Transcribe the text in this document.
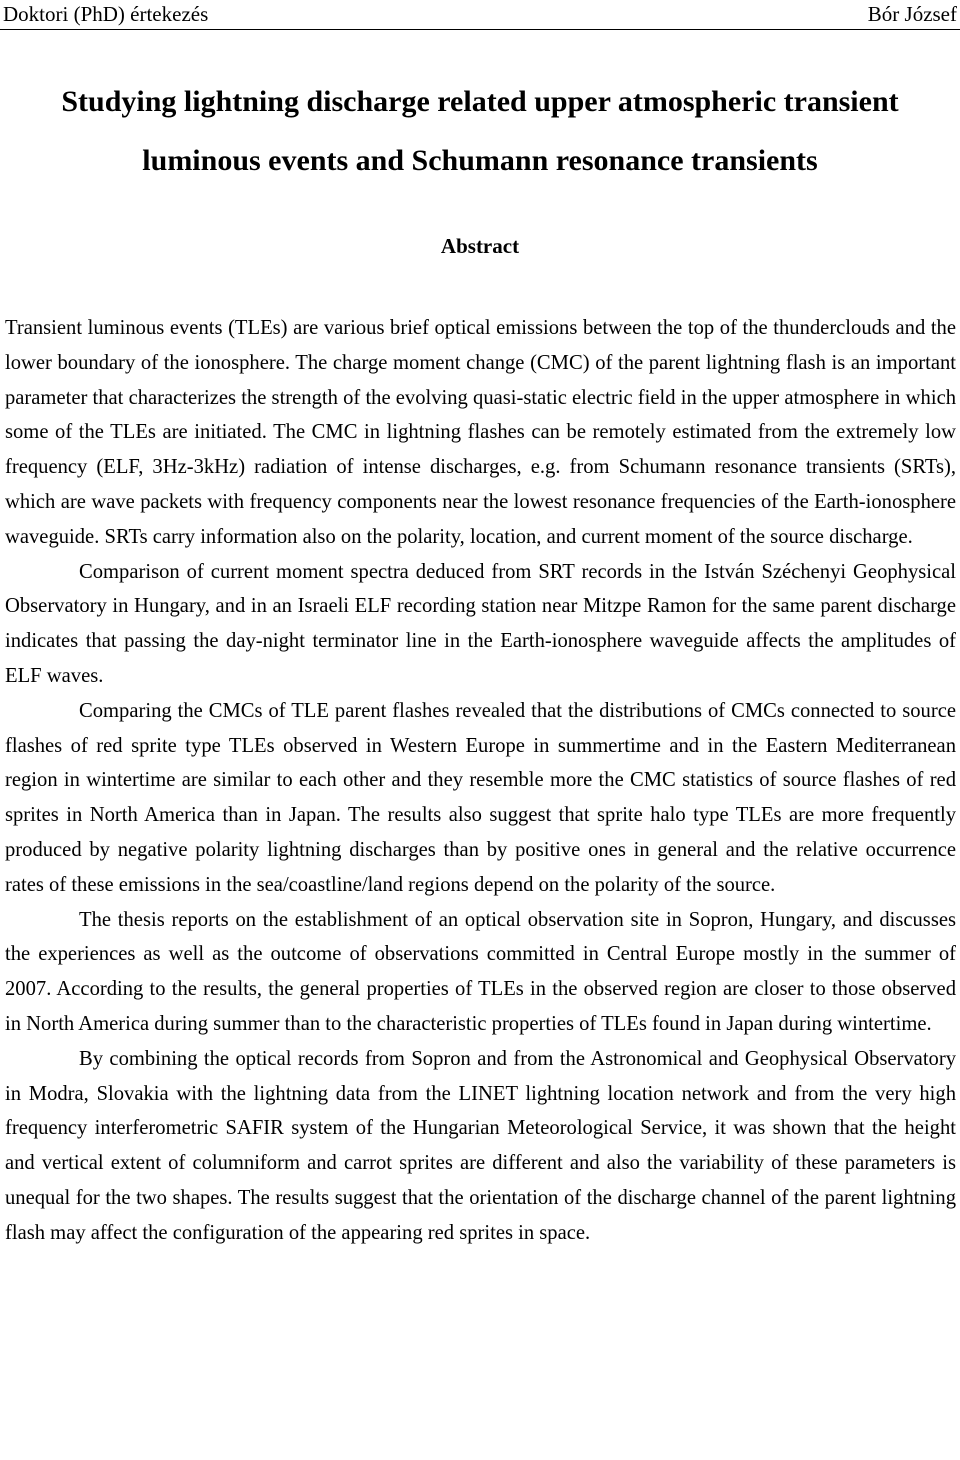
Doktori (PhD) értekezés	Bór József
Studying lightning discharge related upper atmospheric transient luminous events and Schumann resonance transients
Abstract

Transient luminous events (TLEs) are various brief optical emissions between the top of the thunderclouds and the lower boundary of the ionosphere. The charge moment change (CMC) of the parent lightning flash is an important parameter that characterizes the strength of the evolving quasi-static electric field in the upper atmosphere in which some of the TLEs are initiated. The CMC in lightning flashes can be remotely estimated from the extremely low frequency (ELF, 3Hz-3kHz) radiation of intense discharges, e.g. from Schumann resonance transients (SRTs), which are wave packets with frequency components near the lowest resonance frequencies of the Earth-ionosphere waveguide. SRTs carry information also on the polarity, location, and current moment of the source discharge.

Comparison of current moment spectra deduced from SRT records in the István Széchenyi Geophysical Observatory in Hungary, and in an Israeli ELF recording station near Mitzpe Ramon for the same parent discharge indicates that passing the day-night terminator line in the Earth-ionosphere waveguide affects the amplitudes of ELF waves.

Comparing the CMCs of TLE parent flashes revealed that the distributions of CMCs connected to source flashes of red sprite type TLEs observed in Western Europe in summertime and in the Eastern Mediterranean region in wintertime are similar to each other and they resemble more the CMC statistics of source flashes of red sprites in North America than in Japan. The results also suggest that sprite halo type TLEs are more frequently produced by negative polarity lightning discharges than by positive ones in general and the relative occurrence rates of these emissions in the sea/coastline/land regions depend on the polarity of the source.

The thesis reports on the establishment of an optical observation site in Sopron, Hungary, and discusses the experiences as well as the outcome of observations committed in Central Europe mostly in the summer of 2007. According to the results, the general properties of TLEs in the observed region are closer to those observed in North America during summer than to the characteristic properties of TLEs found in Japan during wintertime.

By combining the optical records from Sopron and from the Astronomical and Geophysical Observatory in Modra, Slovakia with the lightning data from the LINET lightning location network and from the very high frequency interferometric SAFIR system of the Hungarian Meteorological Service, it was shown that the height and vertical extent of columniform and carrot sprites are different and also the variability of these parameters is unequal for the two shapes. The results suggest that the orientation of the discharge channel of the parent lightning flash may affect the configuration of the appearing red sprites in space.
